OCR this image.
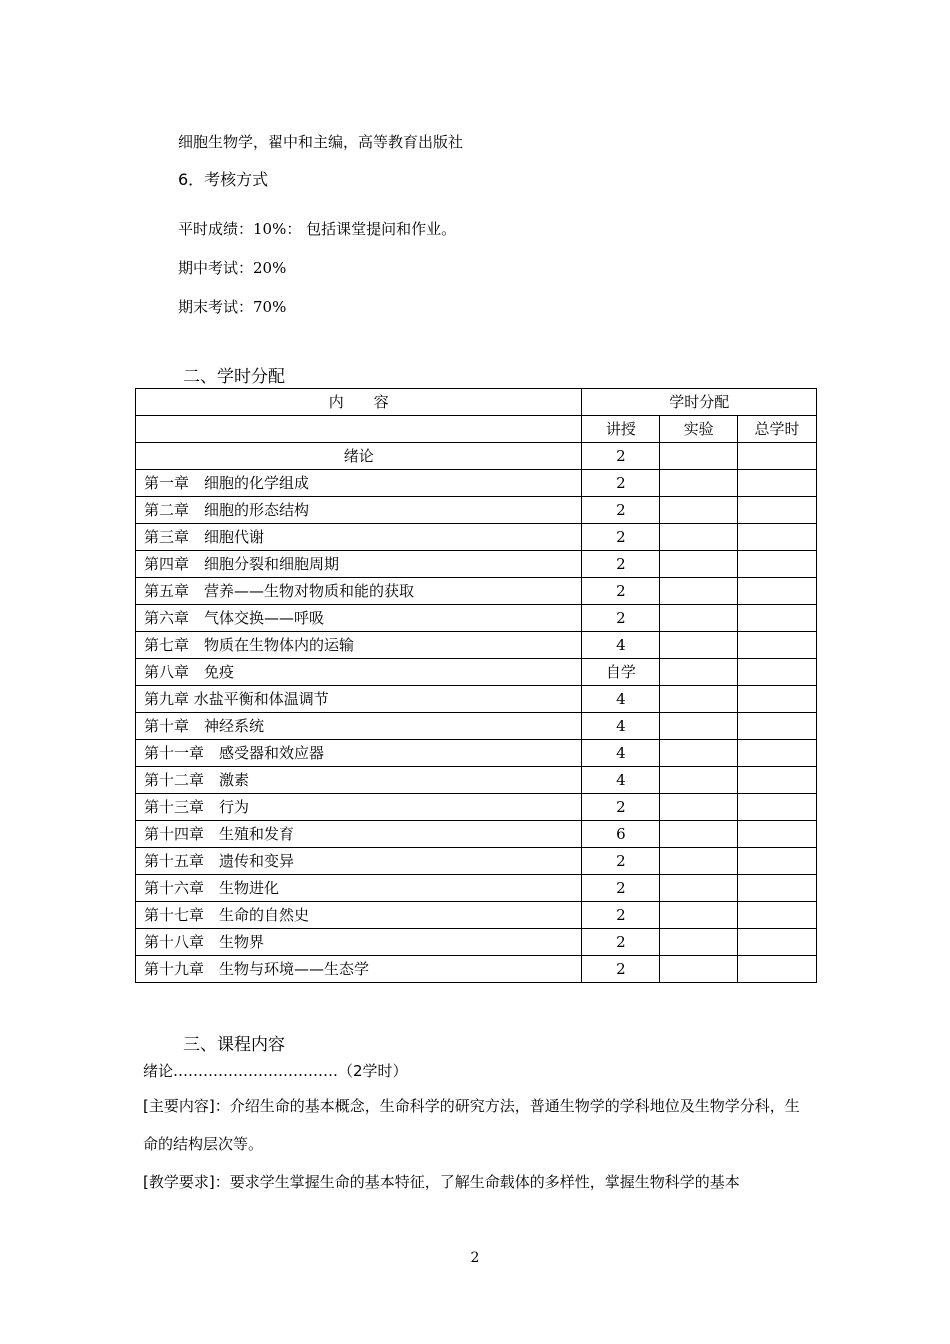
细胞生物学，翟中和主编，高等教育出版社
6．考核方式
平时成绩：10%： 包括课堂提问和作业。
期中考试：20%
期末考试：70%
二、学时分配
内　　容	学时分配		
	讲授	实验	总学时
绪论	2		
第一章　细胞的化学组成	2		
第二章　细胞的形态结构	2		
第三章　细胞代谢	2		
第四章　细胞分裂和细胞周期	2		
第五章　营养——生物对物质和能的获取	2		
第六章　气体交换——呼吸	2		
第七章　物质在生物体内的运输	4		
第八章　免疫	自学		
第九章 水盐平衡和体温调节	4		
第十章　神经系统	4		
第十一章　感受器和效应器	4		
第十二章　激素	4		
第十三章　行为	2		
第十四章　生殖和发育	6		
第十五章　遗传和变异	2		
第十六章　生物进化	2		
第十七章　生命的自然史	2		
第十八章　生物界	2		
第十九章　生物与环境——生态学	2		
三、课程内容
绪论……………………………（2学时）
[主要内容]：介绍生命的基本概念，生命科学的研究方法，普通生物学的学科地位及生物学分科，生命的结构层次等。
[教学要求]：要求学生掌握生命的基本特征，了解生命载体的多样性，掌握生物科学的基本
2
